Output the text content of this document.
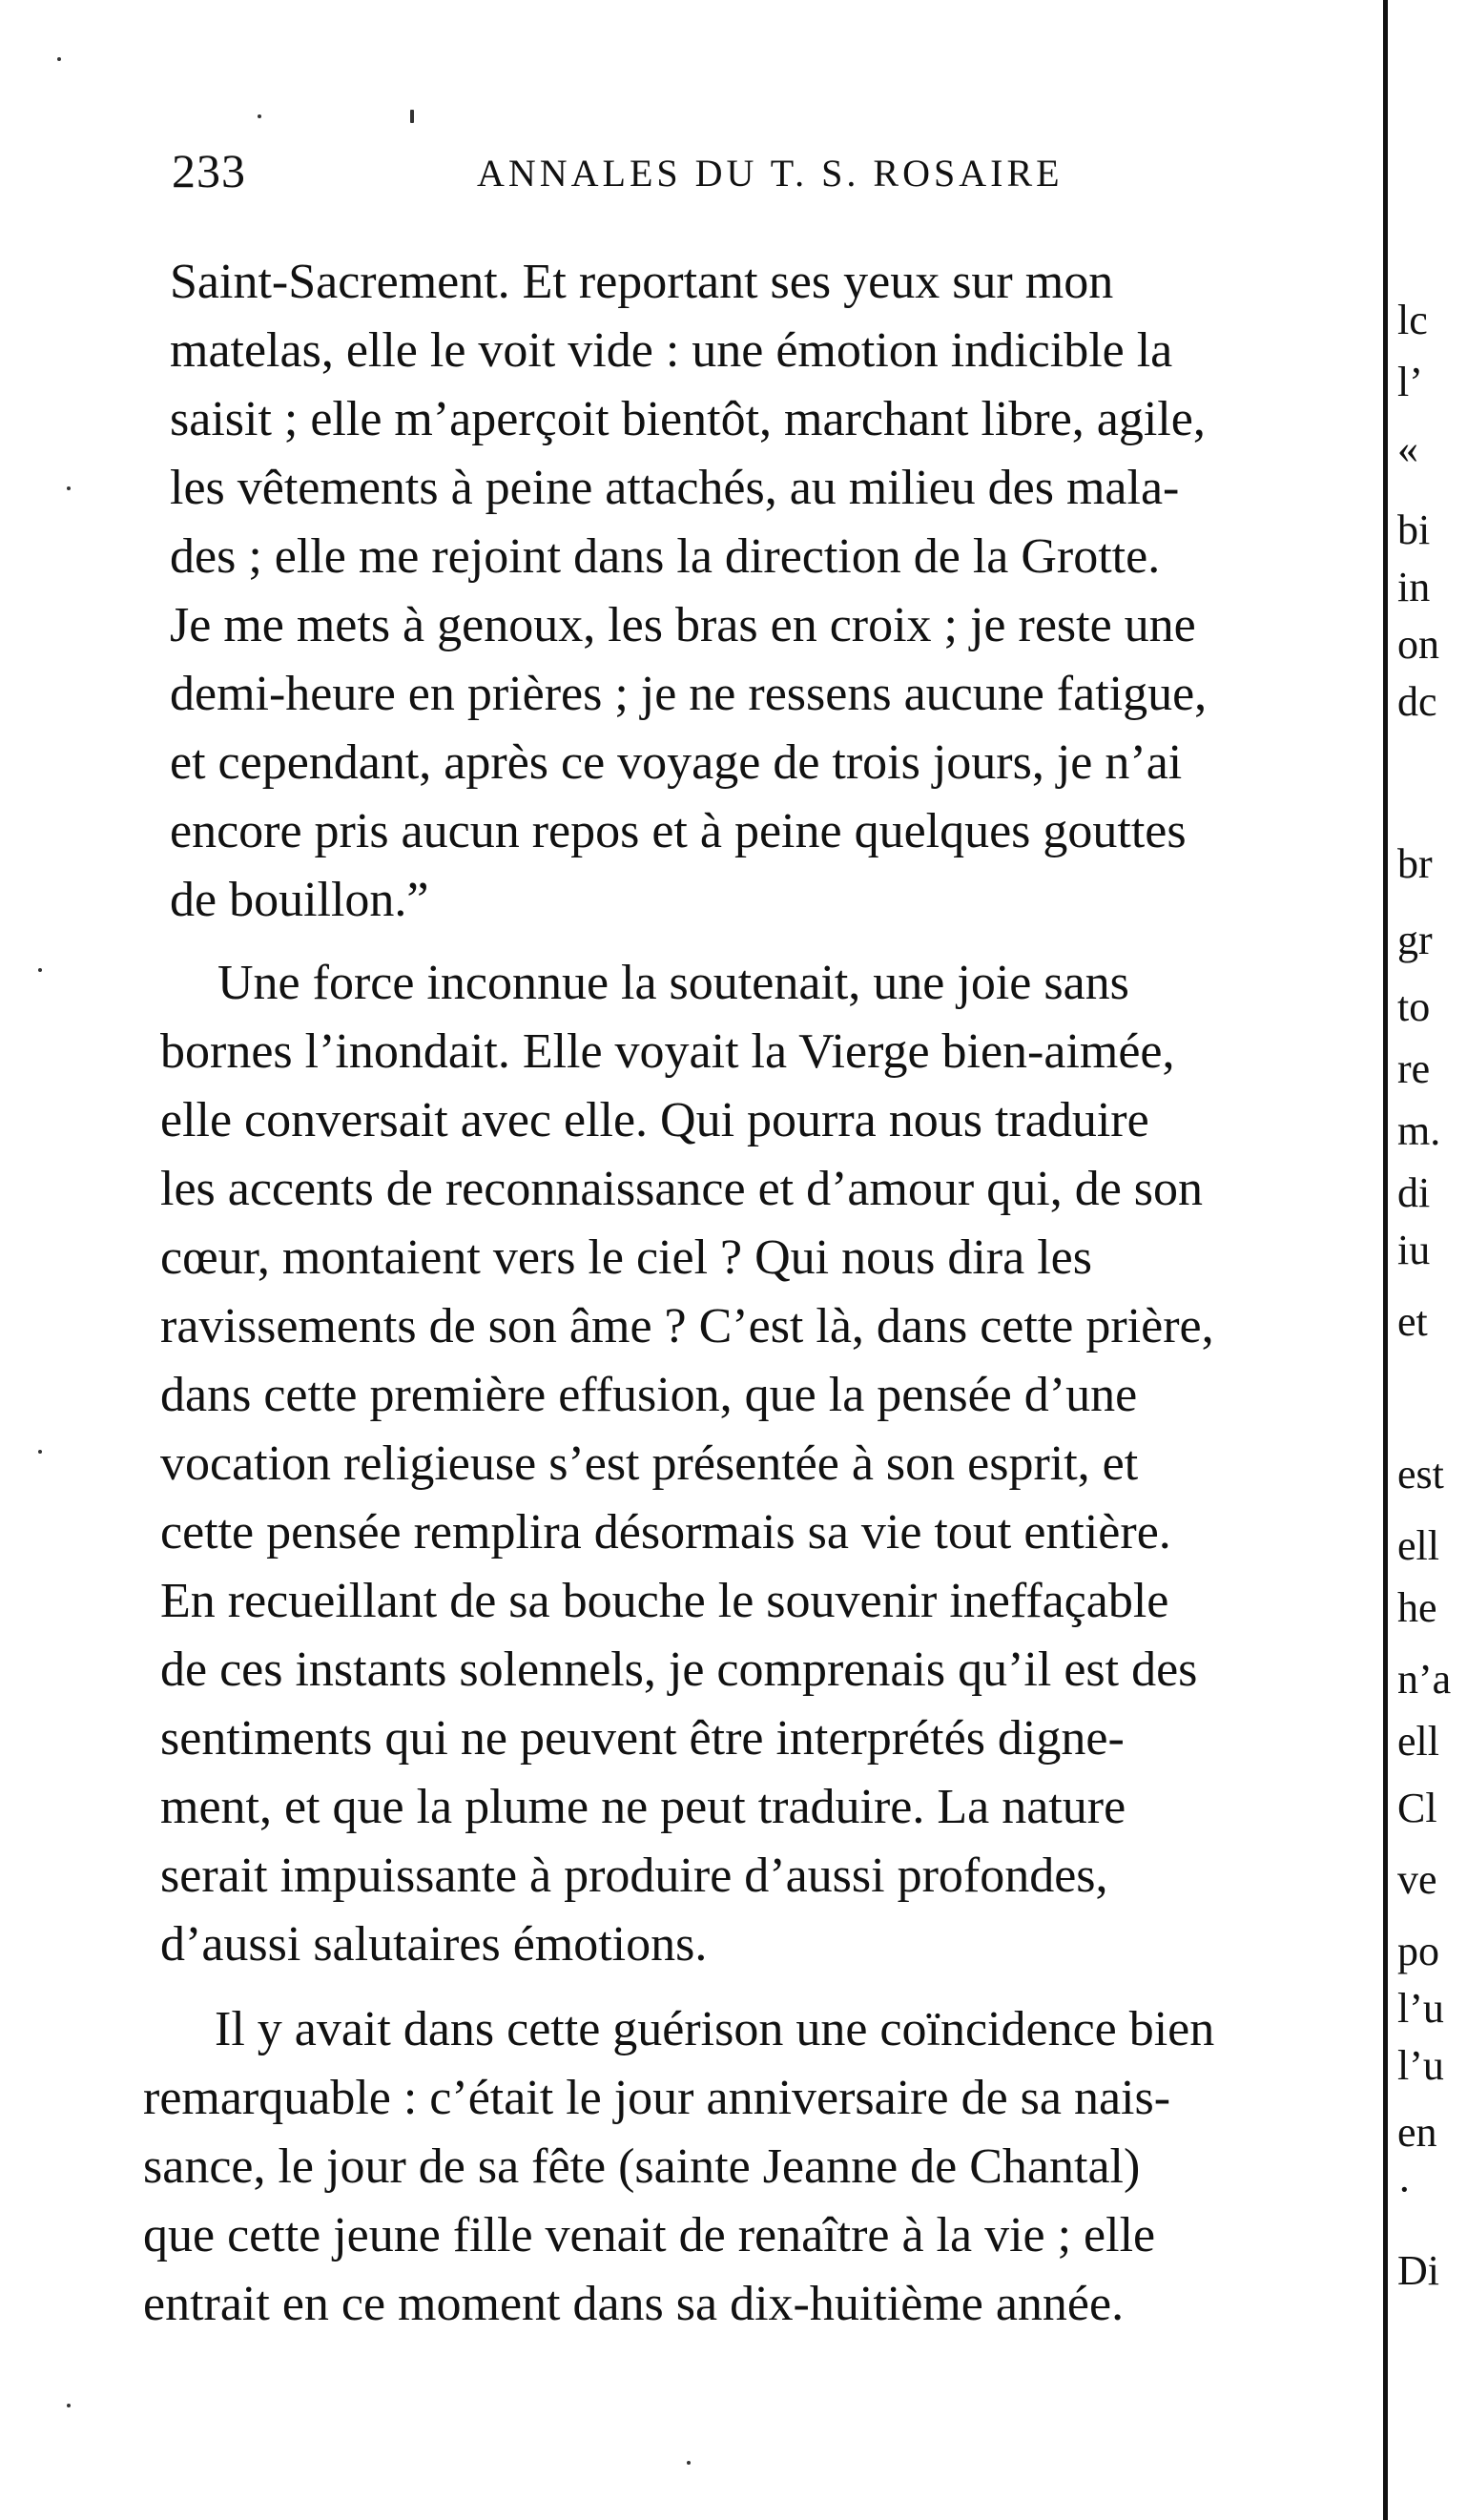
233	ANNALES DU T. S. ROSAIRE
Saint-Sacrement. Et reportant ses yeux sur mon
matelas, elle le voit vide : une émotion indicible la
saisit ; elle m’aperçoit bientôt, marchant libre, agile,
les vêtements à peine attachés, au milieu des mala-
des ; elle me rejoint dans la direction de la Grotte.
Je me mets à genoux, les bras en croix ; je reste une
demi-heure en prières ; je ne ressens aucune fatigue,
et cependant, après ce voyage de trois jours, je n’ai
encore pris aucun repos et à peine quelques gouttes
de bouillon.”
Une force inconnue la soutenait, une joie sans
bornes l’inondait. Elle voyait la Vierge bien-aimée,
elle conversait avec elle. Qui pourra nous traduire
les accents de reconnaissance et d’amour qui, de son
cœur, montaient vers le ciel ? Qui nous dira les
ravissements de son âme ? C’est là, dans cette prière,
dans cette première effusion, que la pensée d’une
vocation religieuse s’est présentée à son esprit, et
cette pensée remplira désormais sa vie tout entière.
En recueillant de sa bouche le souvenir ineffaçable
de ces instants solennels, je comprenais qu’il est des
sentiments qui ne peuvent être interprétés digne-
ment, et que la plume ne peut traduire. La nature
serait impuissante à produire d’aussi profondes,
d’aussi salutaires émotions.
Il y avait dans cette guérison une coïncidence bien
remarquable : c’était le jour anniversaire de sa nais-
sance, le jour de sa fête (sainte Jeanne de Chantal)
que cette jeune fille venait de renaître à la vie ; elle
entrait en ce moment dans sa dix-huitième année.
lc
l’
«
bi
in
on
dc
br
gr
to
re
m.
di
iu
et
est
ell
he
n’a
ell
Cl
ve
po
l’u
l’u
en
·
Di
